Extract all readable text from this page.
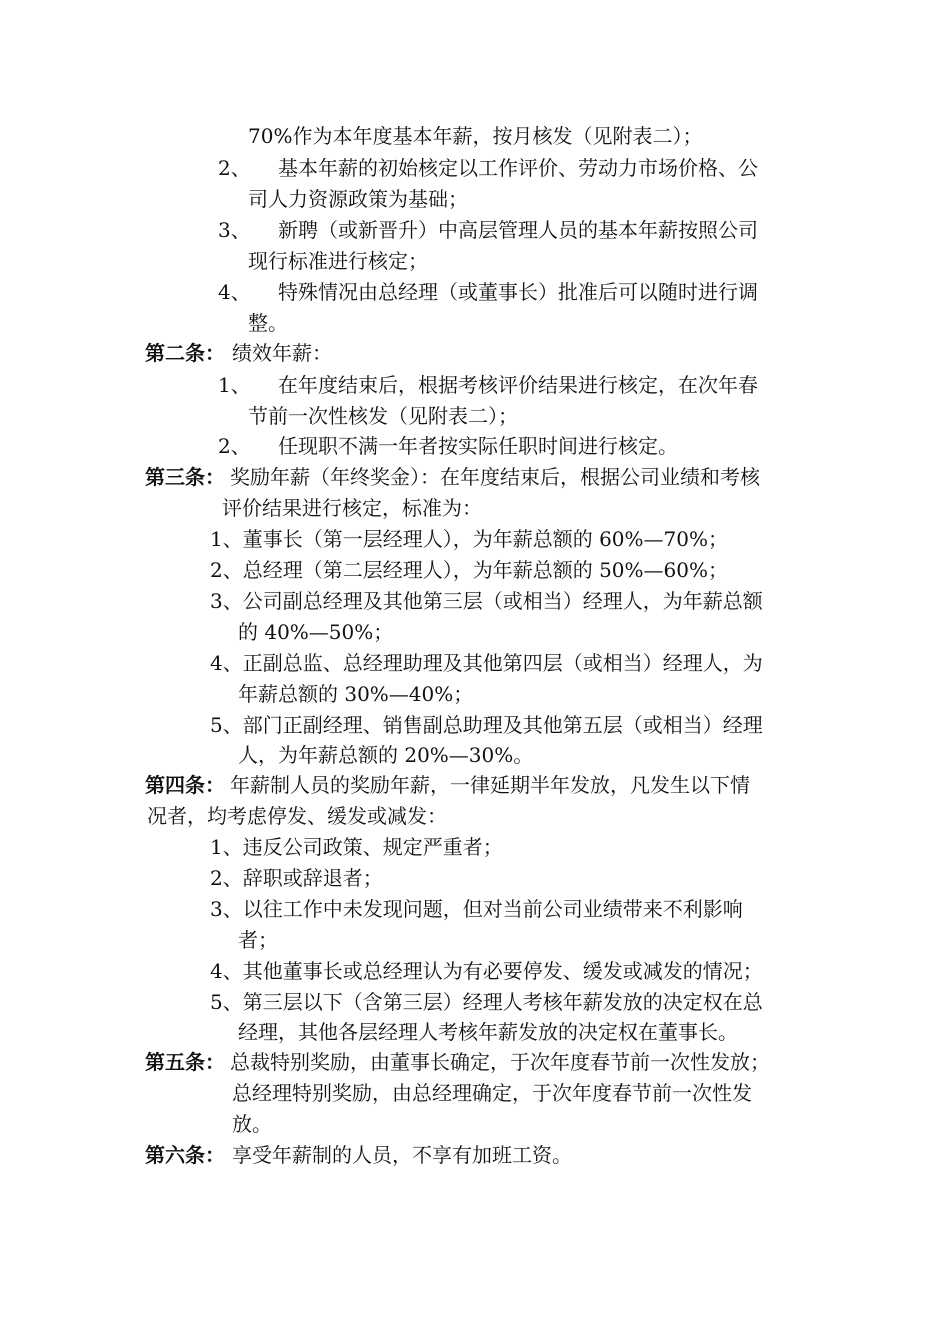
70%作为本年度基本年薪，按月核发（见附表二）；
2、 基本年薪的初始核定以工作评价、劳动力市场价格、公
司人力资源政策为基础；
3、 新聘（或新晋升）中高层管理人员的基本年薪按照公司
现行标准进行核定；
4、 特殊情况由总经理（或董事长）批准后可以随时进行调
整。
第二条： 绩效年薪：
1、 在年度结束后，根据考核评价结果进行核定，在次年春
节前一次性核发（见附表二）；
2、 任现职不满一年者按实际任职时间进行核定。
第三条： 奖励年薪（年终奖金）：在年度结束后，根据公司业绩和考核
评价结果进行核定，标准为：
1、董事长（第一层经理人），为年薪总额的 60%—70%；
2、总经理（第二层经理人），为年薪总额的 50%—60%；
3、公司副总经理及其他第三层（或相当）经理人，为年薪总额
的 40%—50%；
4、正副总监、总经理助理及其他第四层（或相当）经理人，为
年薪总额的 30%—40%；
5、部门正副经理、销售副总助理及其他第五层（或相当）经理
人，为年薪总额的 20%—30%。
第四条： 年薪制人员的奖励年薪，一律延期半年发放，凡发生以下情
况者，均考虑停发、缓发或减发：
1、违反公司政策、规定严重者；
2、辞职或辞退者；
3、以往工作中未发现问题，但对当前公司业绩带来不利影响
者；
4、其他董事长或总经理认为有必要停发、缓发或减发的情况；
5、第三层以下（含第三层）经理人考核年薪发放的决定权在总
经理，其他各层经理人考核年薪发放的决定权在董事长。
第五条： 总裁特别奖励，由董事长确定，于次年度春节前一次性发放；
总经理特别奖励，由总经理确定，于次年度春节前一次性发
放。
第六条： 享受年薪制的人员，不享有加班工资。
